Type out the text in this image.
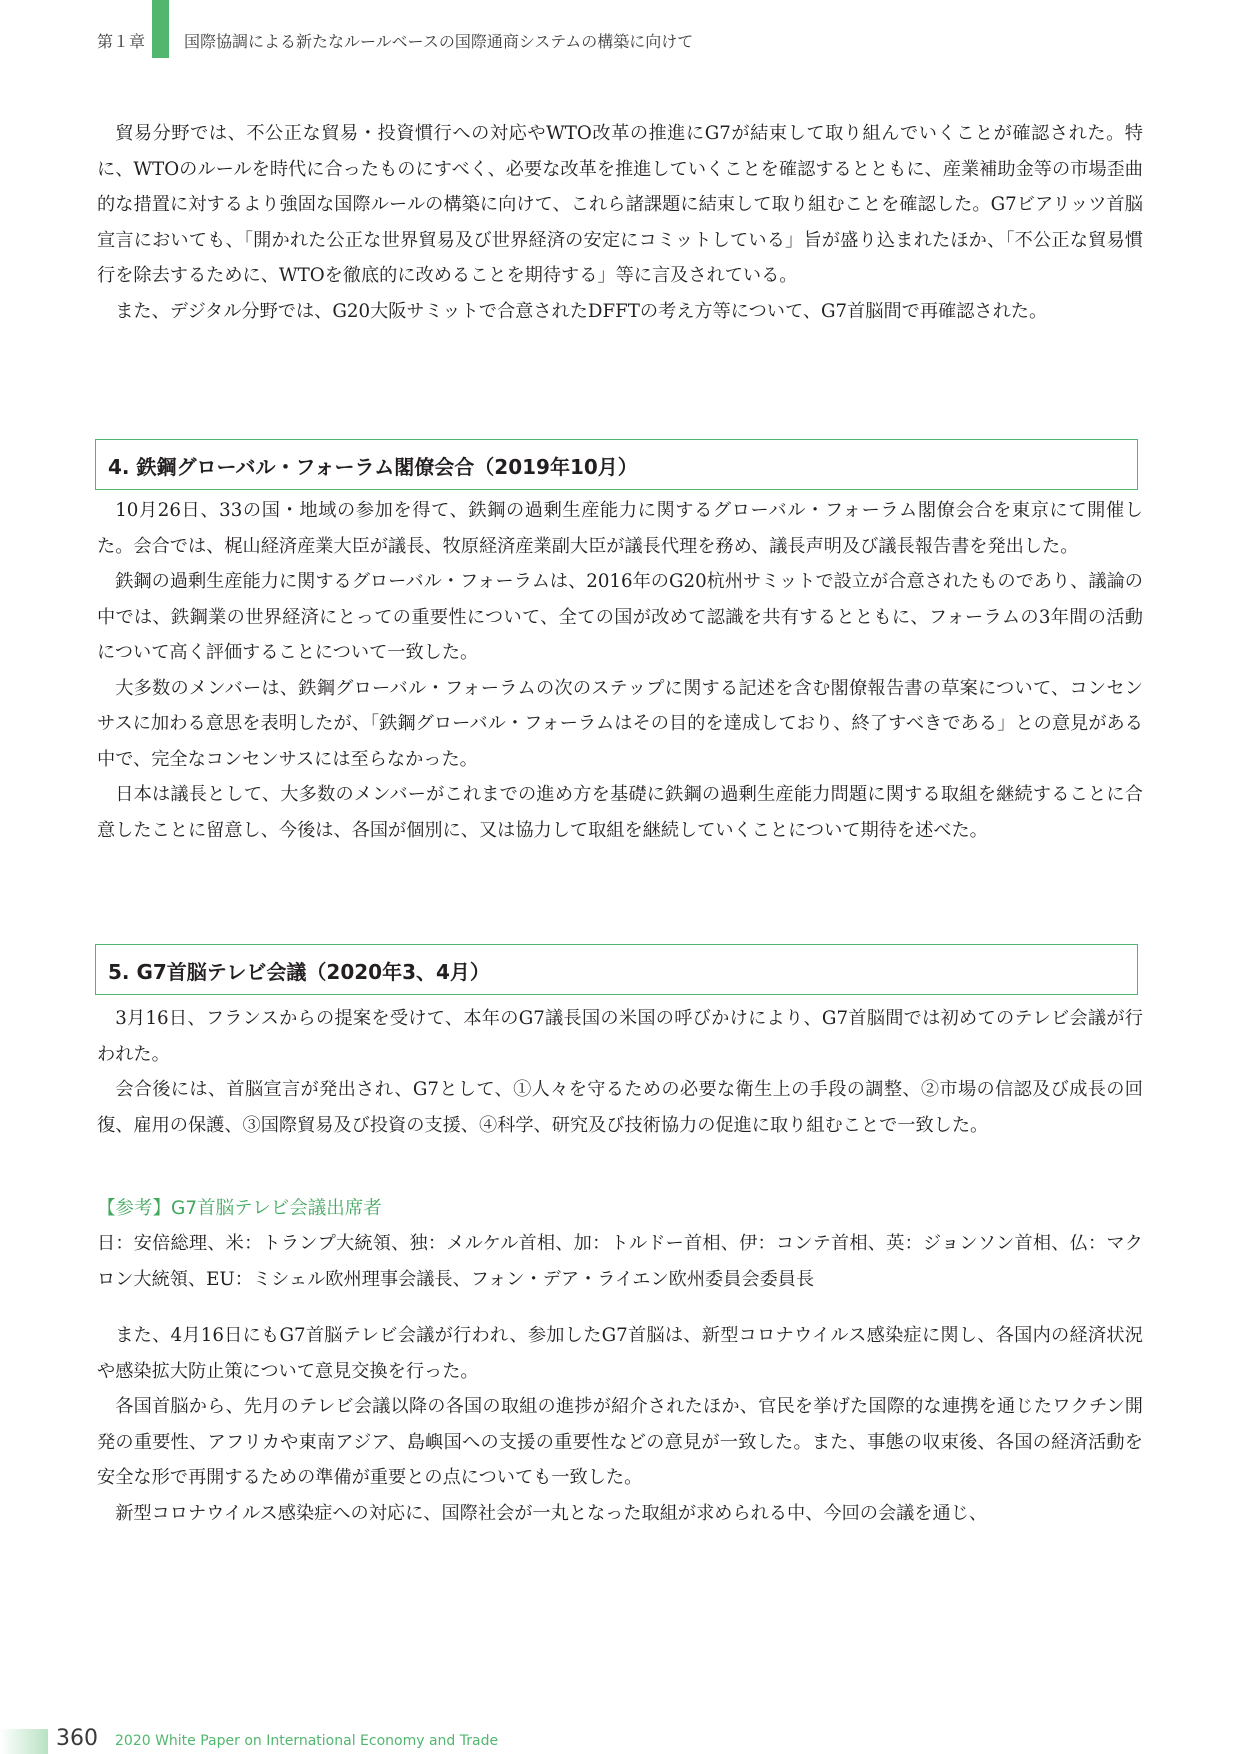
第１章 国際協調による新たなルールベースの国際通商システムの構築に向けて

貿易分野では、不公正な貿易・投資慣行への対応やWTO改革の推進にG7が結束して取り組んでいくことが確認された。特に、WTOのルールを時代に合ったものにすべく、必要な改革を推進していくことを確認するとともに、産業補助金等の市場歪曲的な措置に対するより強固な国際ルールの構築に向けて、これら諸課題に結束して取り組むことを確認した。G7ビアリッツ首脳宣言においても、「開かれた公正な世界貿易及び世界経済の安定にコミットしている」旨が盛り込まれたほか、「不公正な貿易慣行を除去するために、WTOを徹底的に改めることを期待する」等に言及されている。

また、デジタル分野では、G20大阪サミットで合意されたDFFTの考え方等について、G7首脳間で再確認された。

4. 鉄鋼グローバル・フォーラム閣僚会合（2019年10月）

10月26日、33の国・地域の参加を得て、鉄鋼の過剰生産能力に関するグローバル・フォーラム閣僚会合を東京にて開催した。会合では、梶山経済産業大臣が議長、牧原経済産業副大臣が議長代理を務め、議長声明及び議長報告書を発出した。

鉄鋼の過剰生産能力に関するグローバル・フォーラムは、2016年のG20杭州サミットで設立が合意されたものであり、議論の中では、鉄鋼業の世界経済にとっての重要性について、全ての国が改めて認識を共有するとともに、フォーラムの3年間の活動について高く評価することについて一致した。

大多数のメンバーは、鉄鋼グローバル・フォーラムの次のステップに関する記述を含む閣僚報告書の草案について、コンセンサスに加わる意思を表明したが、「鉄鋼グローバル・フォーラムはその目的を達成しており、終了すべきである」との意見がある中で、完全なコンセンサスには至らなかった。

日本は議長として、大多数のメンバーがこれまでの進め方を基礎に鉄鋼の過剰生産能力問題に関する取組を継続することに合意したことに留意し、今後は、各国が個別に、又は協力して取組を継続していくことについて期待を述べた。

5. G7首脳テレビ会議（2020年3、4月）

3月16日、フランスからの提案を受けて、本年のG7議長国の米国の呼びかけにより、G7首脳間では初めてのテレビ会議が行われた。

会合後には、首脳宣言が発出され、G7として、①人々を守るための必要な衛生上の手段の調整、②市場の信認及び成長の回復、雇用の保護、③国際貿易及び投資の支援、④科学、研究及び技術協力の促進に取り組むことで一致した。

【参考】G7首脳テレビ会議出席者

日：安倍総理、米：トランプ大統領、独：メルケル首相、加：トルドー首相、伊：コンテ首相、英：ジョンソン首相、仏：マクロン大統領、EU：ミシェル欧州理事会議長、フォン・デア・ライエン欧州委員会委員長

また、4月16日にもG7首脳テレビ会議が行われ、参加したG7首脳は、新型コロナウイルス感染症に関し、各国内の経済状況や感染拡大防止策について意見交換を行った。

各国首脳から、先月のテレビ会議以降の各国の取組の進捗が紹介されたほか、官民を挙げた国際的な連携を通じたワクチン開発の重要性、アフリカや東南アジア、島嶼国への支援の重要性などの意見が一致した。また、事態の収束後、各国の経済活動を安全な形で再開するための準備が重要との点についても一致した。

新型コロナウイルス感染症への対応に、国際社会が一丸となった取組が求められる中、今回の会議を通じ、

360 2020 White Paper on International Economy and Trade
